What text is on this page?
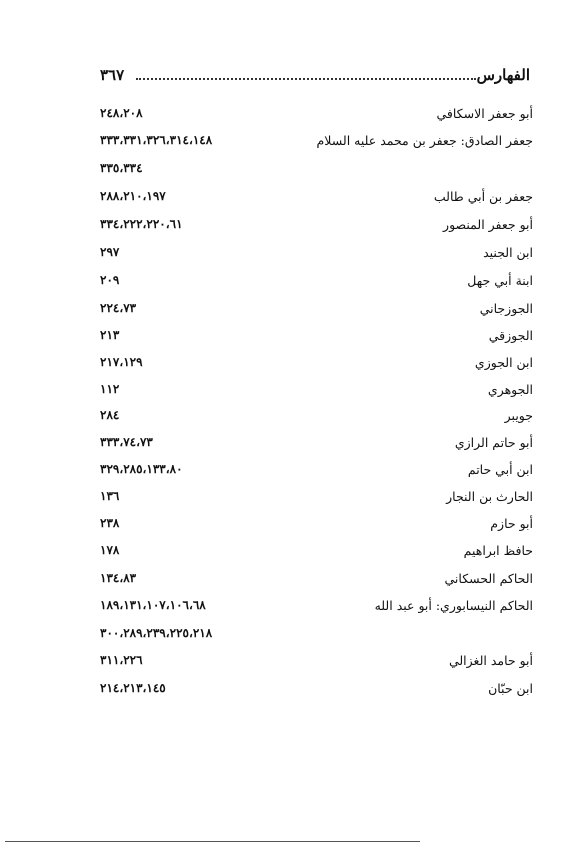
الفهارس
٣٦٧
أبو جعفر الاسكافي
٢٤٨،٢٠٨
جعفر الصادق: جعفر بن محمد عليه السلام
٣٣٣،٣٣١،٣٢٦،٣١٤،١٤٨
٣٣٥،٣٣٤
جعفر بن أبي طالب
٢٨٨،٢١٠،١٩٧
أبو جعفر المنصور
٣٣٤،٢٢٢،٢٢٠،٦١
ابن الجنيد
٢٩٧
ابنة أبي جهل
٢٠٩
الجوزجاني
٢٢٤،٧٣
الجوزقي
٢١٣
ابن الجوزي
٢١٧،١٢٩
الجوهري
١١٢
جويبر
٢٨٤
أبو حاتم الرازي
٣٣٣،٧٤،٧٣
ابن أبي حاتم
٣٢٩،٢٨٥،١٣٣،٨٠
الحارث بن النجار
١٣٦
أبو حازم
٢٣٨
حافظ ابراهيم
١٧٨
الحاكم الحسكاني
١٣٤،٨٣
الحاكم النيسابوري: أبو عبد الله
١٨٩،١٣١،١٠٧،١٠٦،٦٨
٣٠٠،٢٨٩،٢٣٩،٢٢٥،٢١٨
أبو حامد الغزالي
٣١١،٢٢٦
ابن حبّان
٢١٤،٢١٣،١٤٥
